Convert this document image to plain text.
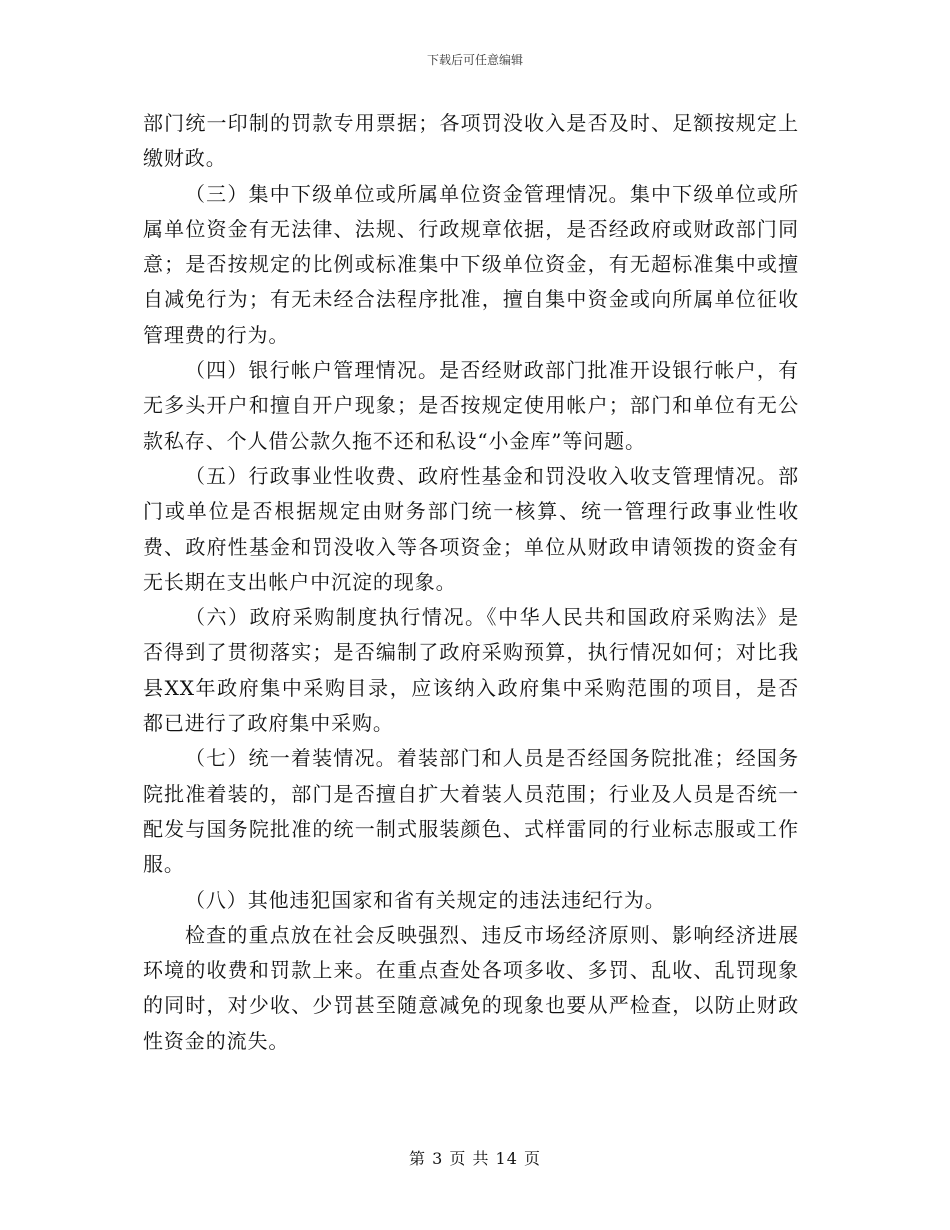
下载后可任意编辑

部门统一印制的罚款专用票据；各项罚没收入是否及时、足额按规定上缴财政。

（三）集中下级单位或所属单位资金管理情况。集中下级单位或所属单位资金有无法律、法规、行政规章依据，是否经政府或财政部门同意；是否按规定的比例或标准集中下级单位资金，有无超标准集中或擅自减免行为；有无未经合法程序批准，擅自集中资金或向所属单位征收管理费的行为。

（四）银行帐户管理情况。是否经财政部门批准开设银行帐户，有无多头开户和擅自开户现象；是否按规定使用帐户；部门和单位有无公款私存、个人借公款久拖不还和私设“小金库”等问题。

（五）行政事业性收费、政府性基金和罚没收入收支管理情况。部门或单位是否根据规定由财务部门统一核算、统一管理行政事业性收费、政府性基金和罚没收入等各项资金；单位从财政申请领拨的资金有无长期在支出帐户中沉淀的现象。

（六）政府采购制度执行情况。《中华人民共和国政府采购法》是否得到了贯彻落实；是否编制了政府采购预算，执行情况如何；对比我县XX年政府集中采购目录，应该纳入政府集中采购范围的项目，是否都已进行了政府集中采购。

（七）统一着装情况。着装部门和人员是否经国务院批准；经国务院批准着装的，部门是否擅自扩大着装人员范围；行业及人员是否统一配发与国务院批准的统一制式服装颜色、式样雷同的行业标志服或工作服。

（八）其他违犯国家和省有关规定的违法违纪行为。

检查的重点放在社会反映强烈、违反市场经济原则、影响经济进展环境的收费和罚款上来。在重点查处各项多收、多罚、乱收、乱罚现象的同时，对少收、少罚甚至随意减免的现象也要从严检查，以防止财政性资金的流失。

第 3 页 共 14 页
